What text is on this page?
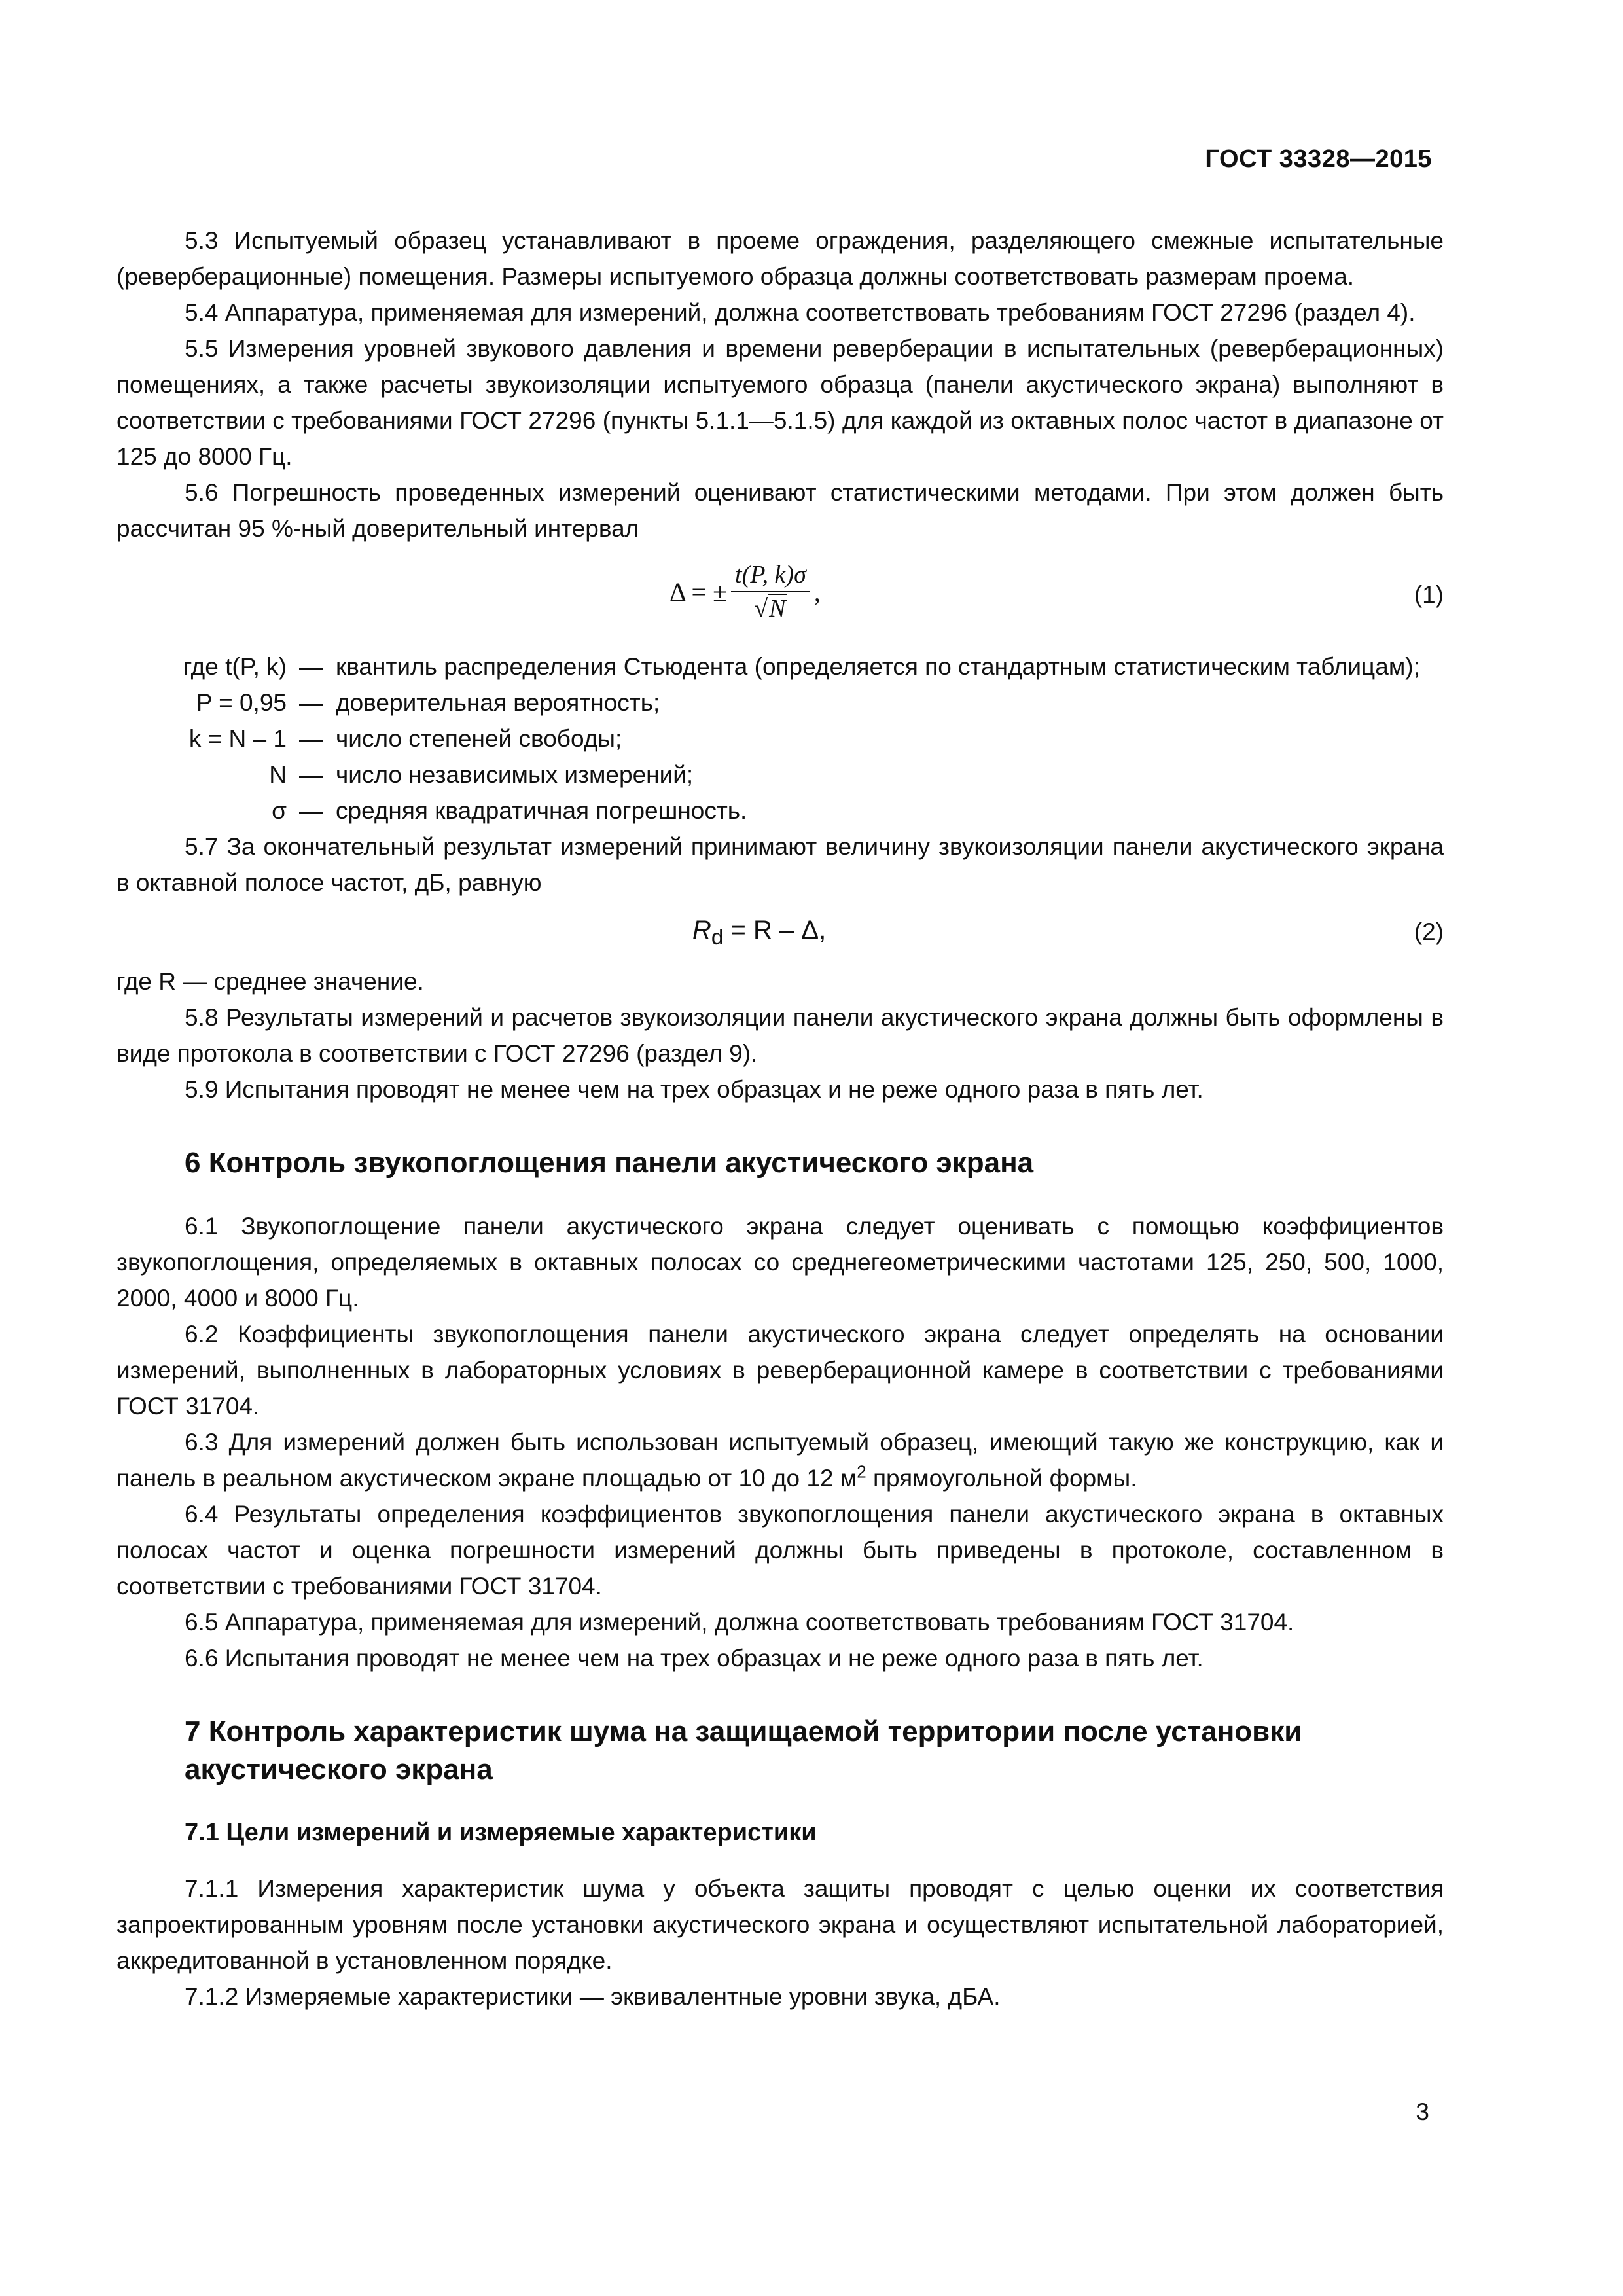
ГОСТ 33328—2015

5.3 Испытуемый образец устанавливают в проеме ограждения, разделяющего смежные испытательные (реверберационные) помещения. Размеры испытуемого образца должны соответствовать размерам проема.

5.4 Аппаратура, применяемая для измерений, должна соответствовать требованиям ГОСТ 27296 (раздел 4).

5.5 Измерения уровней звукового давления и времени реверберации в испытательных (реверберационных) помещениях, а также расчеты звукоизоляции испытуемого образца (панели акустического экрана) выполняют в соответствии с требованиями ГОСТ 27296 (пункты 5.1.1—5.1.5) для каждой из октавных полос частот в диапазоне от 125 до 8000 Гц.

5.6 Погрешность проведенных измерений оценивают статистическими методами. При этом должен быть рассчитан 95 %-ный доверительный интервал

Δ = ± $\frac{t(P, k)\sigma}{√N}$ ,	(1)
где t(P, k) — квантиль распределения Стьюдента (определяется по стандартным статистическим таблицам);
P = 0,95 — доверительная вероятность;
k = N – 1 — число степеней свободы;
N — число независимых измерений;
σ — средняя квадратичная погрешность.

5.7 За окончательный результат измерений принимают величину звукоизоляции панели акустического экрана в октавной полосе частот, дБ, равную

$R_d = R - \Delta$,	(2)

где R — среднее значение.

5.8 Результаты измерений и расчетов звукоизоляции панели акустического экрана должны быть оформлены в виде протокола в соответствии с ГОСТ 27296 (раздел 9).

5.9 Испытания проводят не менее чем на трех образцах и не реже одного раза в пять лет.

6 Контроль звукопоглощения панели акустического экрана

6.1 Звукопоглощение панели акустического экрана следует оценивать с помощью коэффициентов звукопоглощения, определяемых в октавных полосах со среднегеометрическими частотами 125, 250, 500, 1000, 2000, 4000 и 8000 Гц.

6.2 Коэффициенты звукопоглощения панели акустического экрана следует определять на основании измерений, выполненных в лабораторных условиях в реверберационной камере в соответствии с требованиями ГОСТ 31704.

6.3 Для измерений должен быть использован испытуемый образец, имеющий такую же конструкцию, как и панель в реальном акустическом экране площадью от 10 до 12 $м^2$ прямоугольной формы.

6.4 Результаты определения коэффициентов звукопоглощения панели акустического экрана в октавных полосах частот и оценка погрешности измерений должны быть приведены в протоколе, составленном в соответствии с требованиями ГОСТ 31704.

6.5 Аппаратура, применяемая для измерений, должна соответствовать требованиям ГОСТ 31704.

6.6 Испытания проводят не менее чем на трех образцах и не реже одного раза в пять лет.

7 Контроль характеристик шума на защищаемой территории после установки акустического экрана
7.1 Цели измерений и измеряемые характеристики

7.1.1 Измерения характеристик шума у объекта защиты проводят с целью оценки их соответствия запроектированным уровням после установки акустического экрана и осуществляют испытательной лабораторией, аккредитованной в установленном порядке.

7.1.2 Измеряемые характеристики — эквивалентные уровни звука, дБА.

3
